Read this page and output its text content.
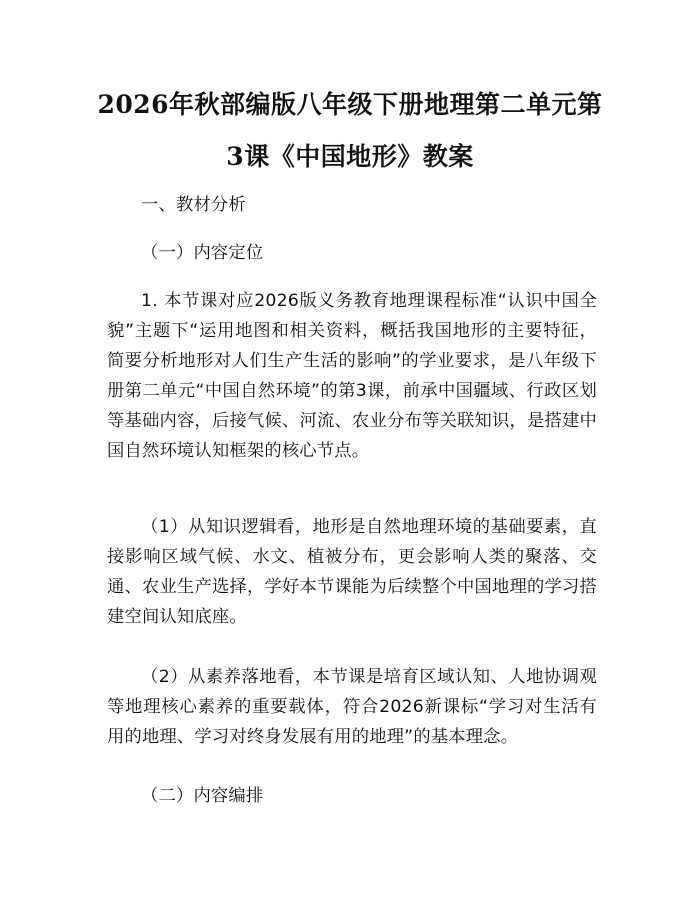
2026年秋部编版八年级下册地理第二单元第
3课《中国地形》教案
一、教材分析
（一）内容定位
1. 本节课对应2026版义务教育地理课程标准“认识中国全貌”主题下“运用地图和相关资料，概括我国地形的主要特征，简要分析地形对人们生产生活的影响”的学业要求，是八年级下册第二单元“中国自然环境”的第3课，前承中国疆域、行政区划等基础内容，后接气候、河流、农业分布等关联知识，是搭建中国自然环境认知框架的核心节点。
（1）从知识逻辑看，地形是自然地理环境的基础要素，直接影响区域气候、水文、植被分布，更会影响人类的聚落、交通、农业生产选择，学好本节课能为后续整个中国地理的学习搭建空间认知底座。
（2）从素养落地看，本节课是培育区域认知、人地协调观等地理核心素养的重要载体，符合2026新课标“学习对生活有用的地理、学习对终身发展有用的地理”的基本理念。
（二）内容编排
